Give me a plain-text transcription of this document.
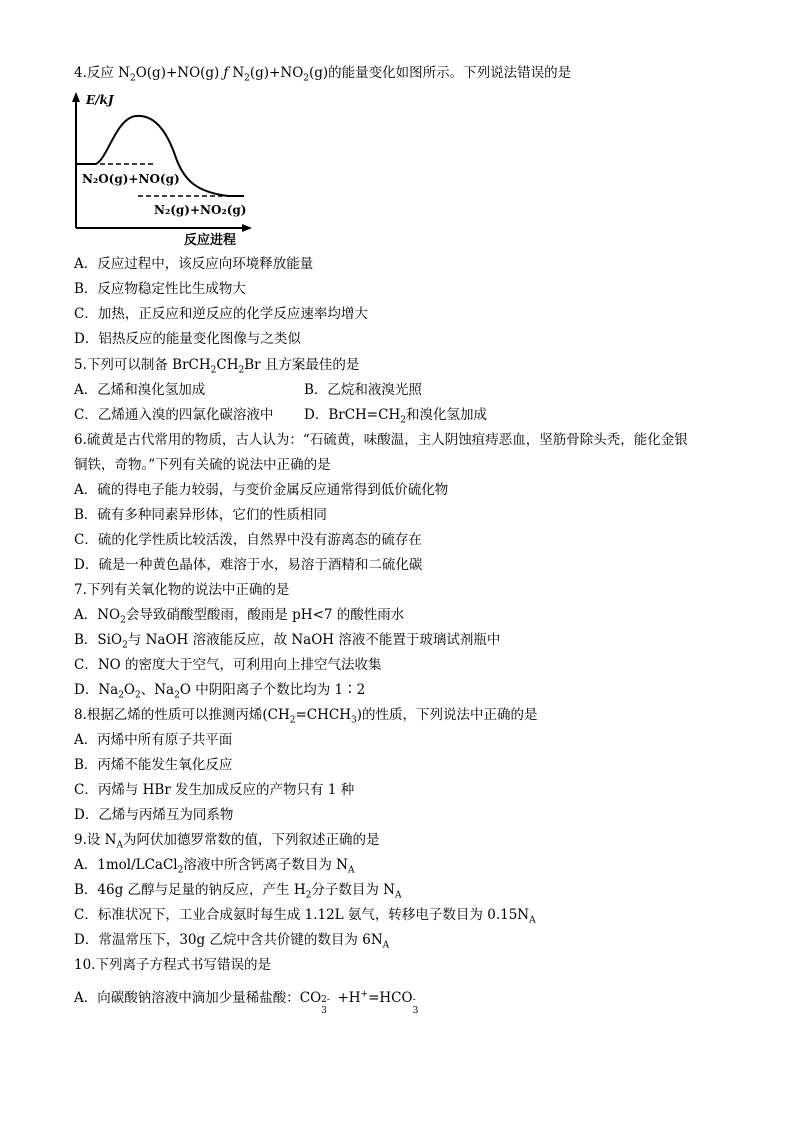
4.反应 $N_2O(g)+NO(g)$ ƒ $N_2(g)+NO_2(g)$的能量变化如图所示。下列说法错误的是
E/kJ
N₂O(g)+NO(g)
N₂(g)+NO₂(g)
反应进程
A．反应过程中，该反应向环境释放能量
B．反应物稳定性比生成物大
C．加热，正反应和逆反应的化学反应速率均增大
D．铝热反应的能量变化图像与之类似
5.下列可以制备 $BrCH_2CH_2Br$ 且方案最佳的是
A．乙烯和溴化氢加成	B．乙烷和液溴光照
C．乙烯通入溴的四氯化碳溶液中 D．$BrCH=CH_2$和溴化氢加成
6.硫黄是古代常用的物质，古人认为：“石硫黄，味酸温，主人阴蚀疽痔恶血，坚筋骨除头秃，能化金银
铜铁，奇物。”下列有关硫的说法中正确的是
A．硫的得电子能力较弱，与变价金属反应通常得到低价硫化物
B．硫有多种同素异形体，它们的性质相同
C．硫的化学性质比较活泼，自然界中没有游离态的硫存在
D．硫是一种黄色晶体，难溶于水，易溶于酒精和二硫化碳
7.下列有关氧化物的说法中正确的是
A．$NO_2$会导致硝酸型酸雨，酸雨是 pH<7 的酸性雨水
B．SiO$_2$与 NaOH 溶液能反应，故 NaOH 溶液不能置于玻璃试剂瓶中
C．NO 的密度大于空气，可利用向上排空气法收集
D．$Na_2O_2$、$Na_2O$ 中阴阳离子个数比均为 1∶2
8.根据乙烯的性质可以推测丙烯$(CH_2=CHCH_3)$的性质，下列说法中正确的是
A．丙烯中所有原子共平面
B．丙烯不能发生氧化反应
C．丙烯与 HBr 发生加成反应的产物只有 1 种
D．乙烯与丙烯互为同系物
9.设 $N_A$为阿伏加德罗常数的值，下列叙述正确的是
A．1mol/LCaCl$_2$溶液中所含钙离子数目为 $N_A$
B．46g 乙醇与足量的钠反应，产生 $H_2$分子数目为 $N_A$
C．标准状况下，工业合成氨时每生成 1.12L 氨气，转移电子数目为 $0.15N_A$
D．常温常压下，30g 乙烷中含共价键的数目为 $6N_A$
10.下列离子方程式书写错误的是
A．向碳酸钠溶液中滴加少量稀盐酸：CO 2-
3
+H+=HCO -
3
